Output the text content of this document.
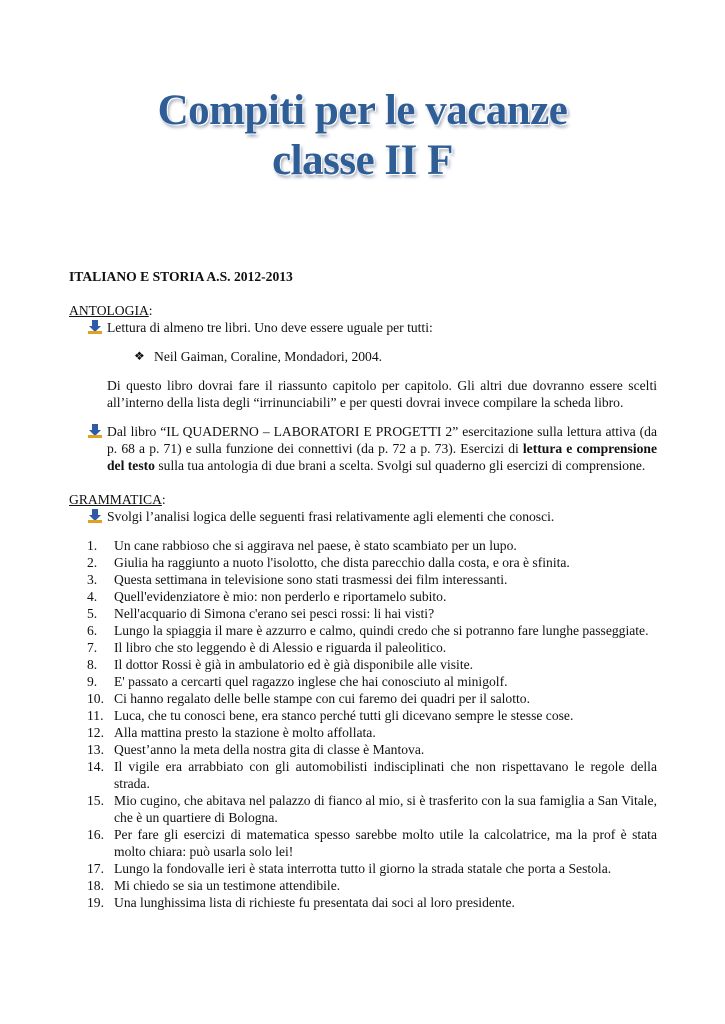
Compiti per le vacanze
classe II F

ITALIANO E STORIA A.S. 2012-2013

ANTOLOGIA:
Lettura di almeno tre libri. Uno deve essere uguale per tutti:
❖ Neil Gaiman, Coraline, Mondadori, 2004.

Di questo libro dovrai fare il riassunto capitolo per capitolo. Gli altri due dovranno essere scelti all’interno della lista degli “irrinunciabili” e per questi dovrai invece compilare la scheda libro.

Dal libro “IL QUADERNO – LABORATORI E PROGETTI 2” esercitazione sulla lettura attiva (da p. 68 a p. 71) e sulla funzione dei connettivi (da p. 72 a p. 73). Esercizi di lettura e comprensione del testo sulla tua antologia di due brani a scelta. Svolgi sul quaderno gli esercizi di comprensione.
GRAMMATICA:
Svolgi l’analisi logica delle seguenti frasi relativamente agli elementi che conosci.
1.	Un cane rabbioso che si aggirava nel paese, è stato scambiato per un lupo.
2.	Giulia ha raggiunto a nuoto l'isolotto, che dista parecchio dalla costa, e ora è sfinita.
3.	Questa settimana in televisione sono stati trasmessi dei film interessanti.
4.	Quell'evidenziatore è mio: non perderlo e riportamelo subito.
5.	Nell'acquario di Simona c'erano sei pesci rossi: li hai visti?
6.	Lungo la spiaggia il mare è azzurro e calmo, quindi credo che si potranno fare lunghe passeggiate.
7.	Il libro che sto leggendo è di Alessio e riguarda il paleolitico.
8.	Il dottor Rossi è già in ambulatorio ed è già disponibile alle visite.
9.	E' passato a cercarti quel ragazzo inglese che hai conosciuto al minigolf.
10. Ci hanno regalato delle belle stampe con cui faremo dei quadri per il salotto.
11. Luca, che tu conosci bene, era stanco perché tutti gli dicevano sempre le stesse cose.
12. Alla mattina presto la stazione è molto affollata.
13. Quest’anno la meta della nostra gita di classe è Mantova.
14. Il vigile era arrabbiato con gli automobilisti indisciplinati che non rispettavano le regole della strada.
15. Mio cugino, che abitava nel palazzo di fianco al mio, si è trasferito con la sua famiglia a San Vitale, che è un quartiere di Bologna.
16. Per fare gli esercizi di matematica spesso sarebbe molto utile la calcolatrice, ma la prof è stata molto chiara: può usarla solo lei!
17. Lungo la fondovalle ieri è stata interrotta tutto il giorno la strada statale che porta a Sestola.
18. Mi chiedo se sia un testimone attendibile.
19. Una lunghissima lista di richieste fu presentata dai soci al loro presidente.
